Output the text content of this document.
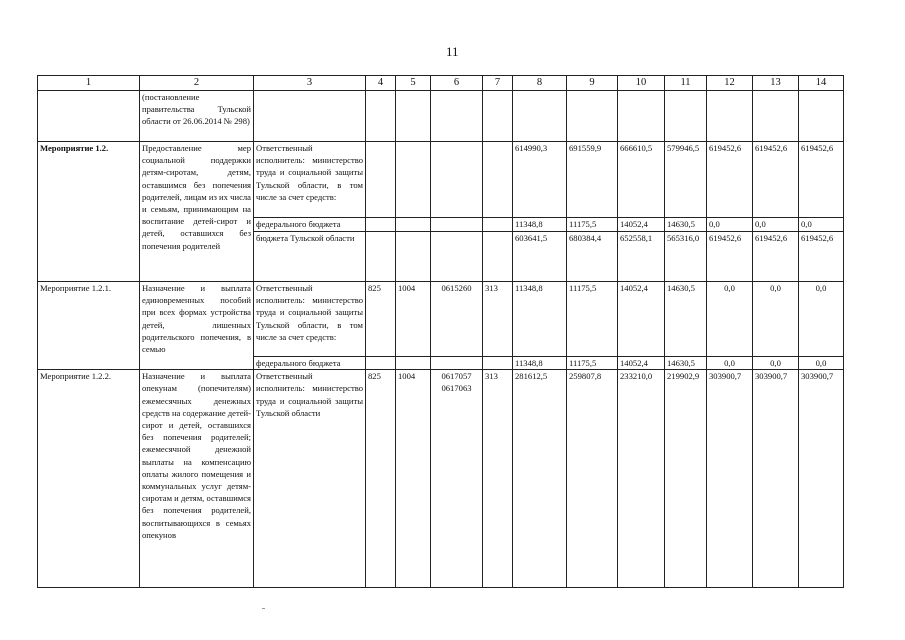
11
1	2	3	4	5	6	7	8	9	10	11	12	13	14
	(постановление правительства Тульской области от 26.06.2014 № 298)												
Мероприятие 1.2.	Предоставление мер социальной поддержки детям-сиротам, детям, оставшимся без попечения родителей, лицам из их числа и семьям, принимающим на воспитание детей-сирот и детей, оставшихся без попечения родителей	Ответственный исполнитель: министерство труда и социальной защиты Тульской области, в том числе за счет средств:					614990,3	691559,9	666610,5	579946,5	619452,6	619452,6	619452,6
		федерального бюджета					11348,8	11175,5	14052,4	14630,5	0,0	0,0	0,0
		бюджета Тульской области					603641,5	680384,4	652558,1	565316,0	619452,6	619452,6	619452,6
Мероприятие 1.2.1.	Назначение и выплата единовременных пособий при всех формах устройства детей, лишенных родительского попечения, в семью	Ответственный исполнитель: министерство труда и социальной защиты Тульской области, в том числе за счет средств:	825	1004	0615260	313	11348,8	11175,5	14052,4	14630,5	0,0	0,0	0,0
		федерального бюджета					11348,8	11175,5	14052,4	14630,5	0,0	0,0	0,0
Мероприятие 1.2.2.	Назначение и выплата опекунам (попечителям) ежемесячных денежных средств на содержание детей-сирот и детей, оставшихся без попечения родителей; ежемесячной денежной выплаты на компенсацию оплаты жилого помещения и коммунальных услуг детям-сиротам и детям, оставшимся без попечения родителей, воспитывающихся в семьях опекунов	Ответственный исполнитель: министерство труда и социальной защиты Тульской области	825	1004	0617057
0617063	313	281612,5	259807,8	233210,0	219902,9	303900,7	303900,7	303900,7
